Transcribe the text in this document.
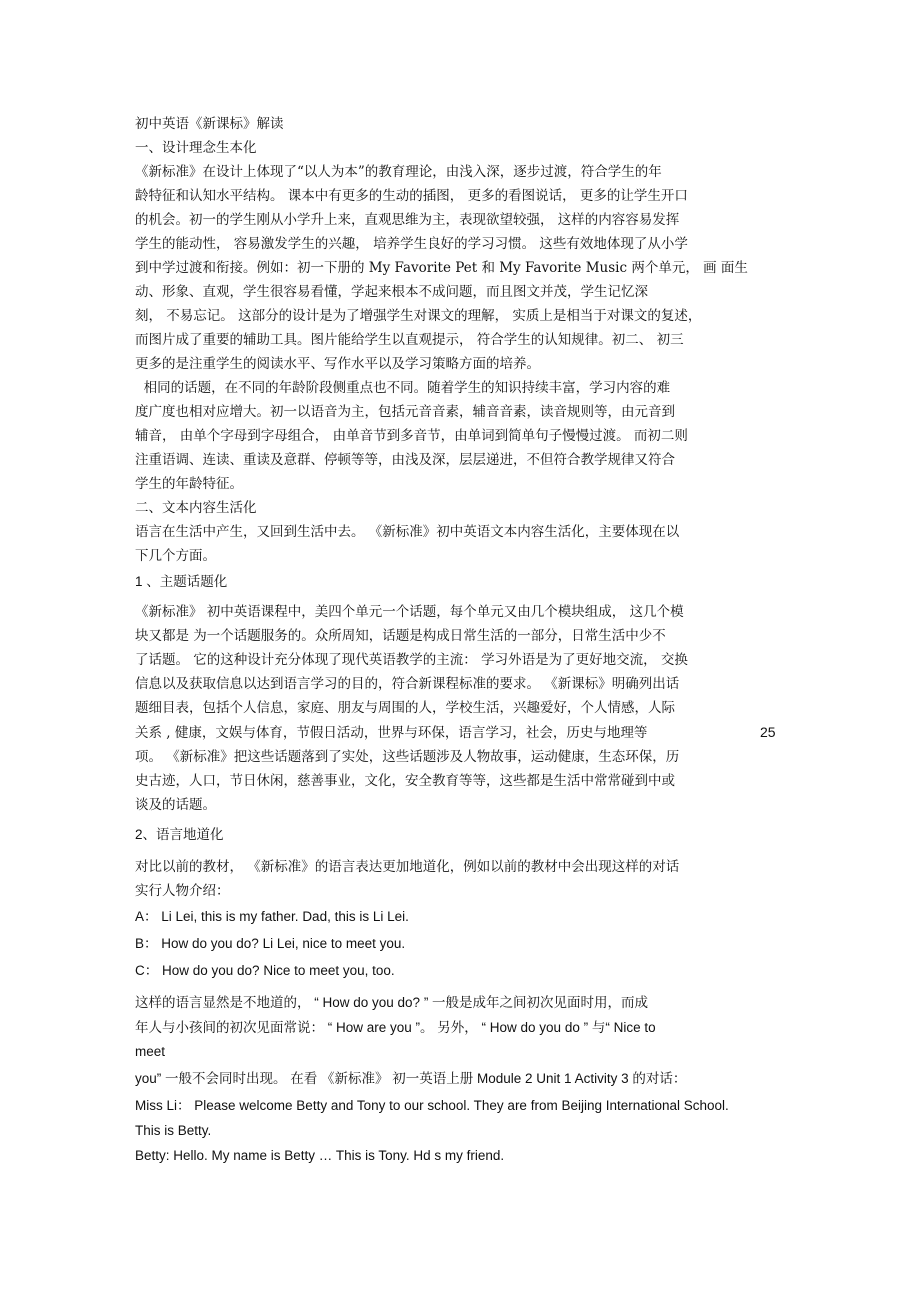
初中英语《新课标》解读
一、设计理念生本化
《新标准》在设计上体现了“以人为本”的教育理论，由浅入深，逐步过渡，符合学生的年
龄特征和认知水平结构。 课本中有更多的生动的插图， 更多的看图说话， 更多的让学生开口
的机会。初一的学生刚从小学升上来，直观思维为主，表现欲望较强， 这样的内容容易发挥
学生的能动性， 容易激发学生的兴趣， 培养学生良好的学习习惯。 这些有效地体现了从小学
到中学过渡和衔接。例如：初一下册的 My Favorite Pet 和 My Favorite Music 两个单元， 画 面生
动、形象、直观，学生很容易看懂，学起来根本不成问题，而且图文并茂，学生记忆深
刻， 不易忘记。 这部分的设计是为了增强学生对课文的理解， 实质上是相当于对课文的复述，
而图片成了重要的辅助工具。图片能给学生以直观提示， 符合学生的认知规律。初二、 初三
更多的是注重学生的阅读水平、写作水平以及学习策略方面的培养。
相同的话题，在不同的年龄阶段侧重点也不同。随着学生的知识持续丰富，学习内容的难
度广度也相对应增大。初一以语音为主，包括元音音素，辅音音素，读音规则等，由元音到
辅音， 由单个字母到字母组合， 由单音节到多音节，由单词到简单句子慢慢过渡。 而初二则
注重语调、连读、重读及意群、停顿等等，由浅及深，层层递进，不但符合教学规律又符合
学生的年龄特征。
二、文本内容生活化
语言在生活中产生，又回到生活中去。 《新标准》初中英语文本内容生活化，主要体现在以
下几个方面。
1 、主题话题化
《新标准》 初中英语课程中，美四个单元一个话题，每个单元又由几个模块组成， 这几个模
块又都是 为一个话题服务的。众所周知，话题是构成日常生活的一部分，日常生活中少不
了话题。 它的这种设计充分体现了现代英语教学的主流： 学习外语是为了更好地交流， 交换
信息以及获取信息以达到语言学习的目的，符合新课程标准的要求。 《新课标》明确列出话
题细目表，包括个人信息，家庭、朋友与周围的人，学校生活，兴趣爱好，个人情感，人际
关系 , 健康，文娱与体育，节假日活动，世界与环保，语言学习，社会，历史与地理等
项。 《新标准》把这些话题落到了实处，这些话题涉及人物故事，运动健康，生态环保，历
史古迹，人口，节日休闲，慈善事业，文化，安全教育等等，这些都是生活中常常碰到中或
谈及的话题。
2、语言地道化
对比以前的教材， 《新标准》的语言表达更加地道化，例如以前的教材中会出现这样的对话
实行人物介绍：
A： Li Lei, this is my father. Dad, this is Li Lei.
B： How do you do? Li Lei, nice to meet you.
C： How do you do? Nice to meet you, too.
这样的语言显然是不地道的， “ How do you do? ” 一般是成年之间初次见面时用，而成
年人与小孩间的初次见面常说： “ How are you ”。 另外， “ How do you do ” 与“ Nice to
meet
you” 一般不会同时出现。 在看 《新标准》 初一英语上册 Module 2 Unit 1 Activity 3 的对话：
Miss Li： Please welcome Betty and Tony to our school. They are from Beijing International School.
This is Betty.
Betty: Hello. My name is Betty … This is Tony. Hd s my friend.
25
